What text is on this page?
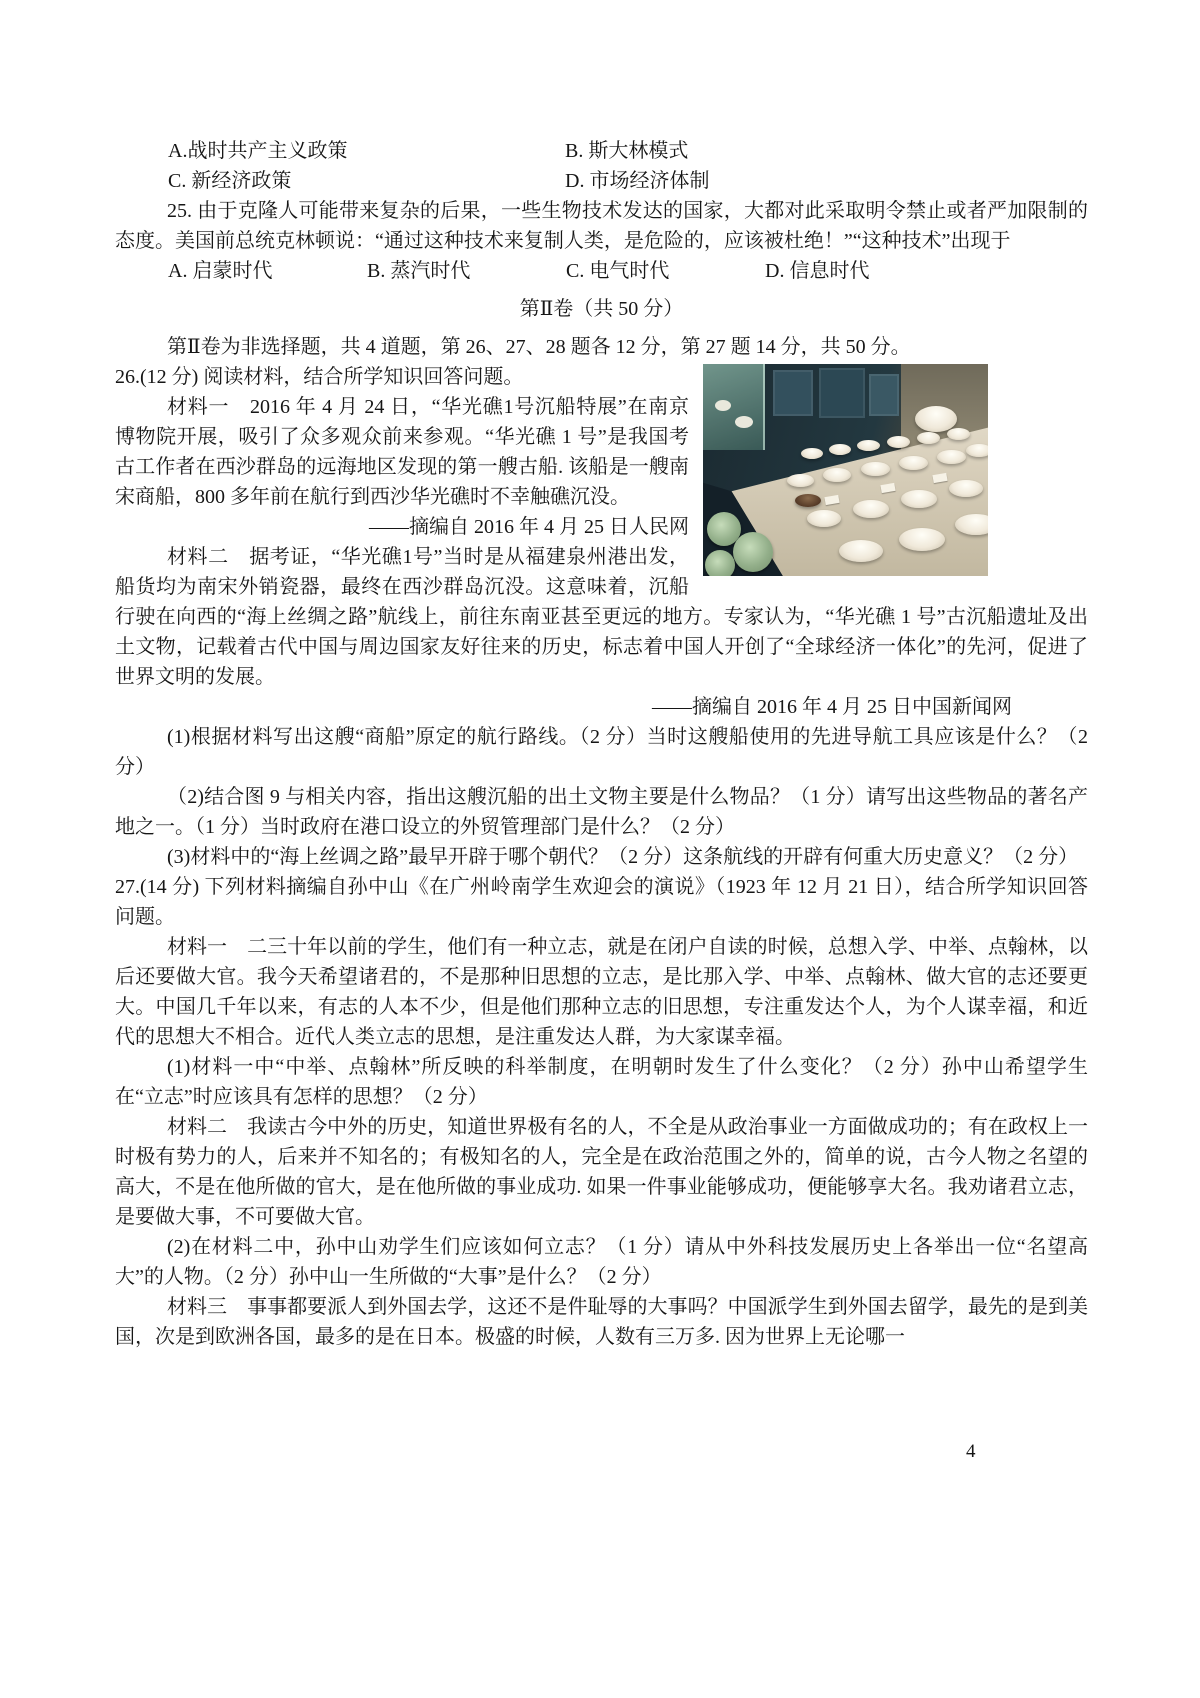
A.战时共产主义政策	B. 斯大林模式
C. 新经济政策	D. 市场经济体制

25. 由于克隆人可能带来复杂的后果，一些生物技术发达的国家，大都对此采取明令禁止或者严加限制的态度。美国前总统克林顿说：“通过这种技术来复制人类，是危险的，应该被杜绝！”“这种技术”出现于

A. 启蒙时代	B. 蒸汽时代	C. 电气时代	D. 信息时代
第Ⅱ卷（共 50 分）

第Ⅱ卷为非选择题，共 4 道题，第 26、27、28 题各 12 分，第 27 题 14 分，共 50 分。

26.(12 分) 阅读材料，结合所学知识回答问题。

材料一　2016 年 4 月 24 日，“华光礁1号沉船特展”在南京博物院开展，吸引了众多观众前来参观。“华光礁 1 号”是我国考古工作者在西沙群岛的远海地区发现的第一艘古船. 该船是一艘南宋商船，800 多年前在航行到西沙华光礁时不幸触礁沉没。

——摘编自 2016 年 4 月 25 日人民网

材料二　据考证，“华光礁1号”当时是从福建泉州港出发，船货均为南宋外销瓷器，最终在西沙群岛沉没。这意味着，沉船行驶在向西的“海上丝绸之路”航线上，前往东南亚甚至更远的地方。专家认为，“华光礁 1 号”古沉船遗址及出土文物，记载着古代中国与周边国家友好往来的历史，标志着中国人开创了“全球经济一体化”的先河，促进了世界文明的发展。

——摘编自 2016 年 4 月 25 日中国新闻网

(1)根据材料写出这艘“商船”原定的航行路线。（2 分）当时这艘船使用的先进导航工具应该是什么？（2 分）

（2)结合图 9 与相关内容，指出这艘沉船的出土文物主要是什么物品？（1 分）请写出这些物品的著名产地之一。（1 分）当时政府在港口设立的外贸管理部门是什么？（2 分）

(3)材料中的“海上丝调之路”最早开辟于哪个朝代？（2 分）这条航线的开辟有何重大历史意义？（2 分）

27.(14 分) 下列材料摘编自孙中山《在广州岭南学生欢迎会的演说》（1923 年 12 月 21 日），结合所学知识回答问题。

材料一　二三十年以前的学生，他们有一种立志，就是在闭户自读的时候，总想入学、中举、点翰林，以后还要做大官。我今天希望诸君的，不是那种旧思想的立志，是比那入学、中举、点翰林、做大官的志还要更大。中国几千年以来，有志的人本不少，但是他们那种立志的旧思想，专注重发达个人，为个人谋幸福，和近代的思想大不相合。近代人类立志的思想，是注重发达人群，为大家谋幸福。

(1)材料一中“中举、点翰林”所反映的科举制度，在明朝时发生了什么变化？（2 分）孙中山希望学生在“立志”时应该具有怎样的思想？（2 分）

材料二　我读古今中外的历史，知道世界极有名的人，不全是从政治事业一方面做成功的；有在政权上一时极有势力的人，后来并不知名的；有极知名的人，完全是在政治范围之外的，简单的说，古今人物之名望的高大，不是在他所做的官大，是在他所做的事业成功. 如果一件事业能够成功，便能够享大名。我劝诸君立志，是要做大事，不可要做大官。

(2)在材料二中，孙中山劝学生们应该如何立志？（1 分）请从中外科技发展历史上各举出一位“名望高大”的人物。（2 分）孙中山一生所做的“大事”是什么？（2 分）

材料三　事事都要派人到外国去学，这还不是件耻辱的大事吗？中国派学生到外国去留学，最先的是到美国，次是到欧洲各国，最多的是在日本。极盛的时候，人数有三万多. 因为世界上无论哪一

4
